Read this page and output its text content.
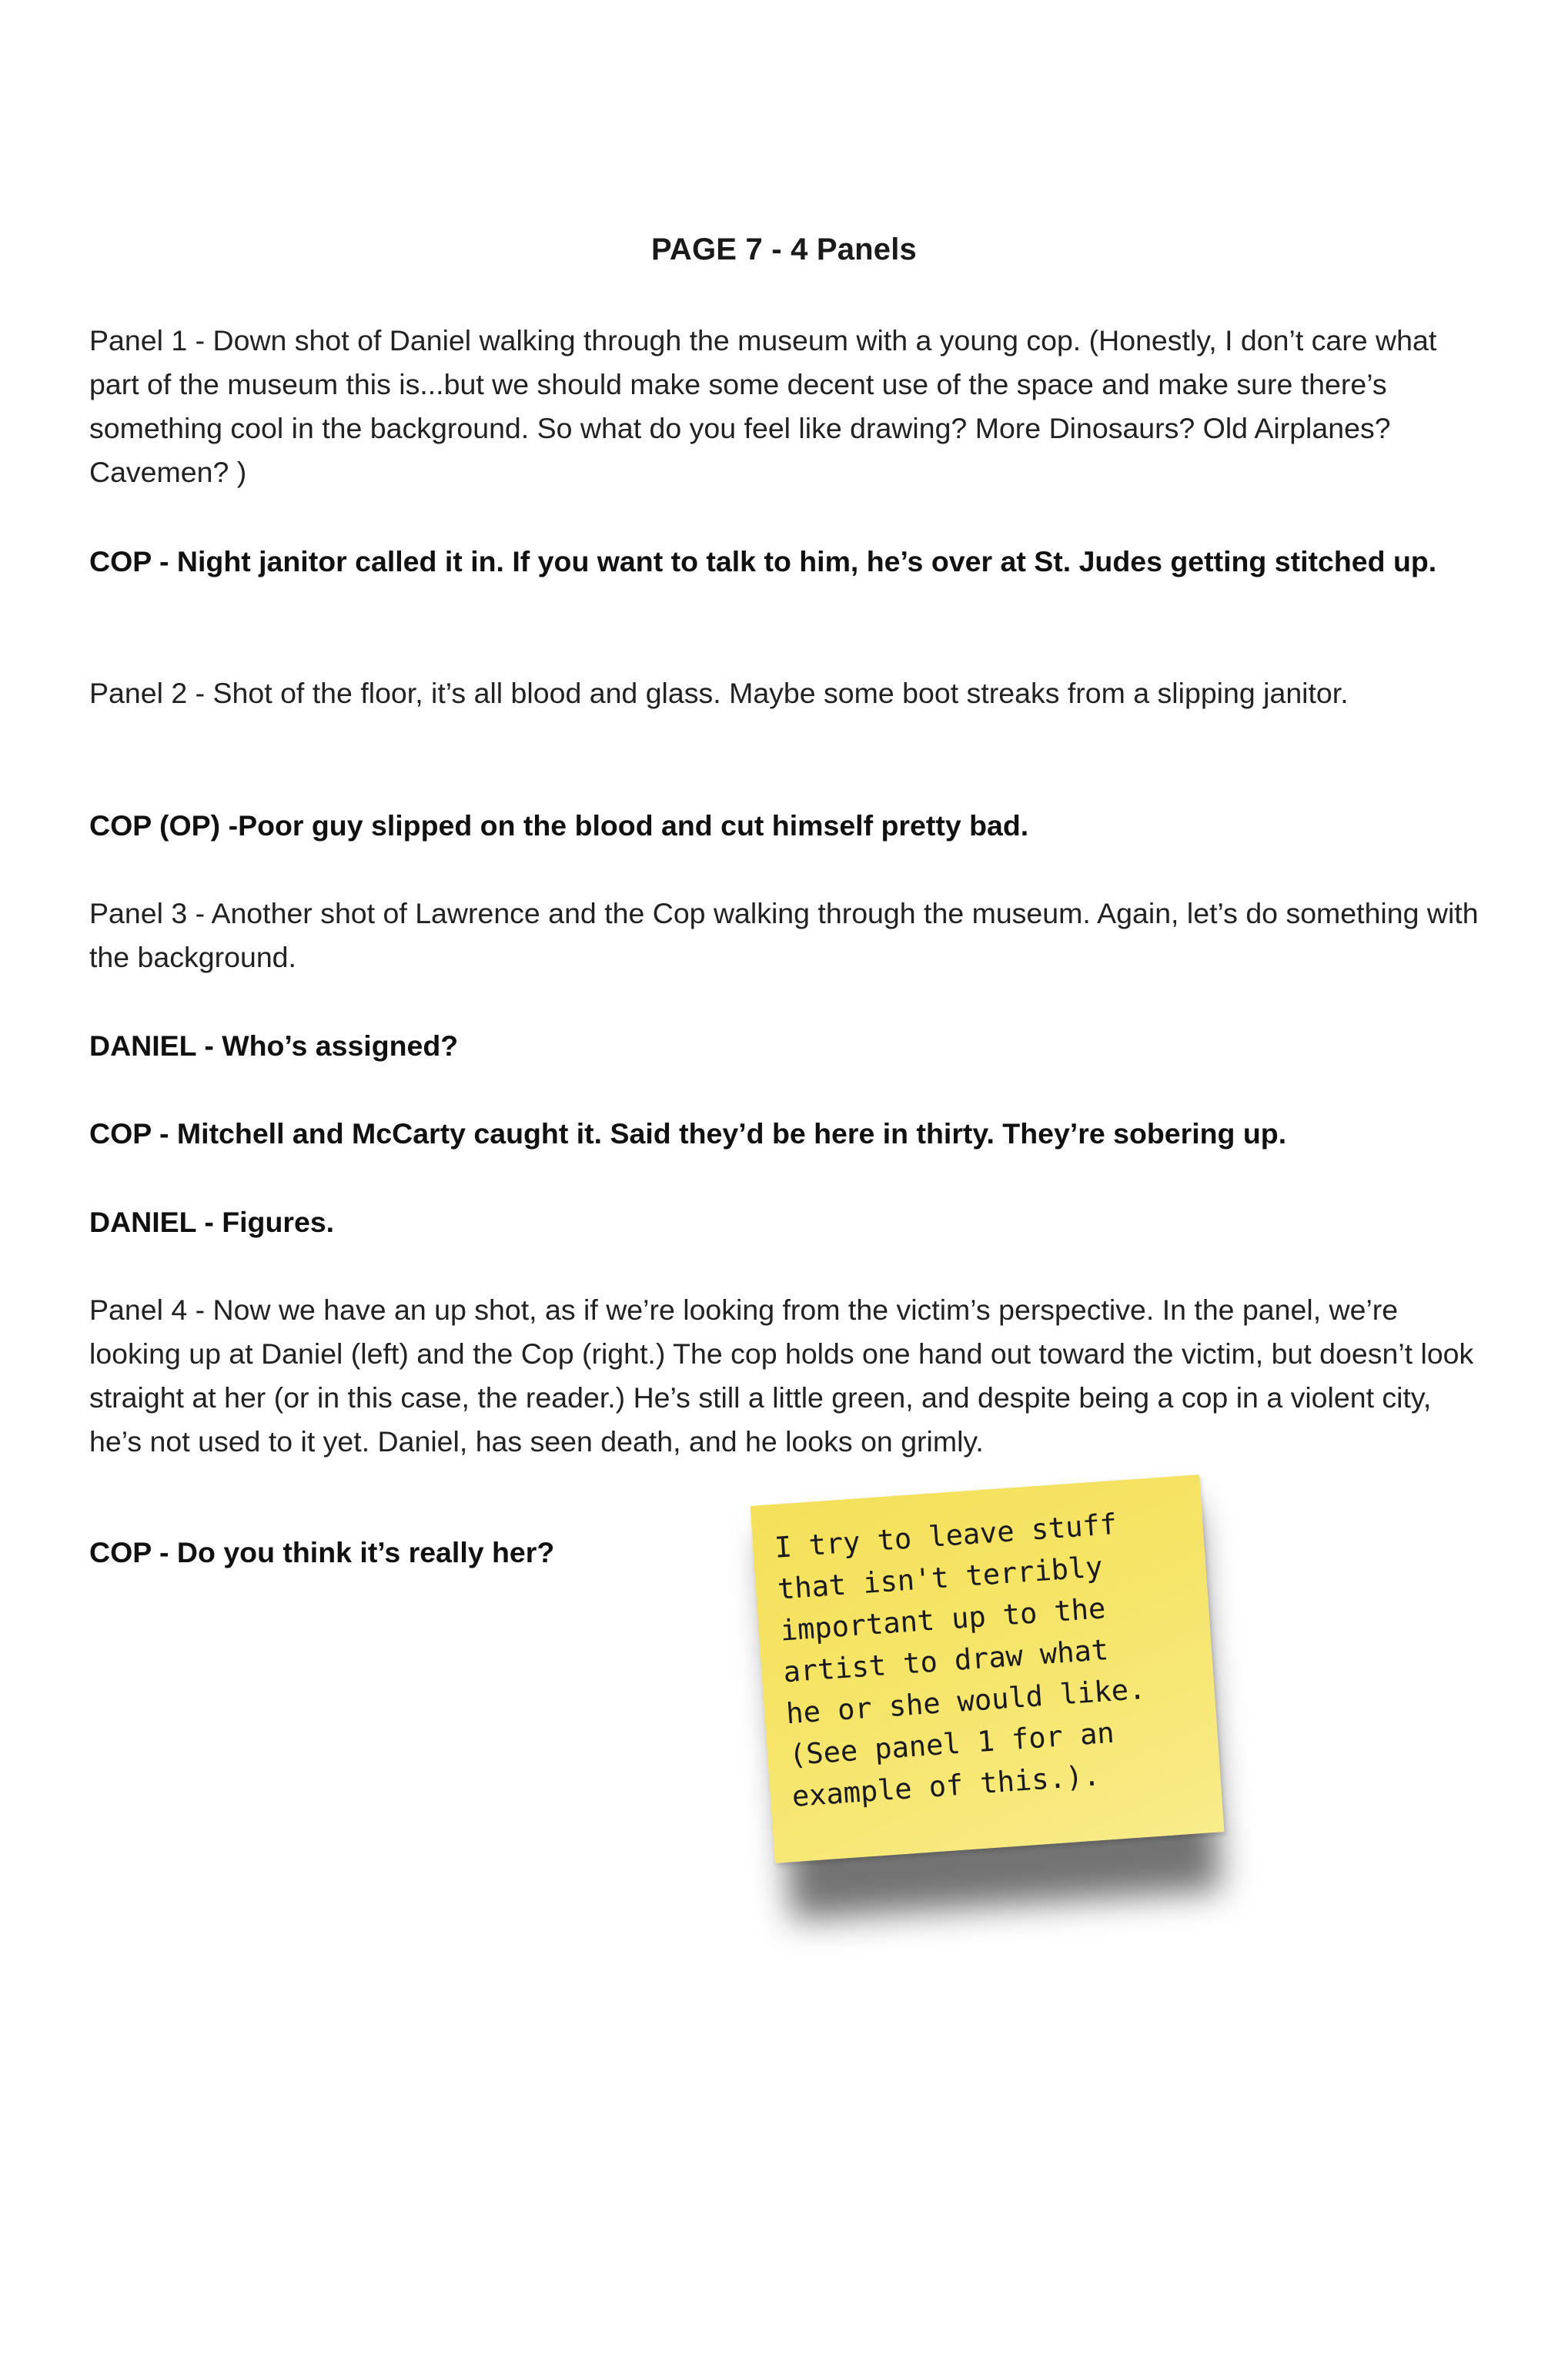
PAGE 7 - 4 Panels

Panel 1 - Down shot of Daniel walking through the museum with a young cop. (Honestly, I don’t care what part of the museum this is...but we should make some decent use of the space and make sure there’s something cool in the background. So what do you feel like drawing? More Dinosaurs? Old Airplanes? Cavemen? )

COP - Night janitor called it in. If you want to talk to him, he’s over at St. Judes getting stitched up.

Panel 2 - Shot of the floor, it’s all blood and glass. Maybe some boot streaks from a slipping janitor.

COP (OP) -Poor guy slipped on the blood and cut himself pretty bad.

Panel 3 - Another shot of Lawrence and the Cop walking through the museum. Again, let’s do something with the background.

DANIEL - Who’s assigned?

COP - Mitchell and McCarty caught it. Said they’d be here in thirty. They’re sobering up.

DANIEL - Figures.

Panel 4 - Now we have an up shot, as if we’re looking from the victim’s perspective. In the panel, we’re looking up at Daniel (left) and the Cop (right.) The cop holds one hand out toward the victim, but doesn’t look straight at her (or in this case, the reader.) He’s still a little green, and despite being a cop in a violent city, he’s not used to it yet. Daniel, has seen death, and he looks on grimly.

COP - Do you think it’s really her?	I try to leave stuff
that isn't terribly
important up to the
artist to draw what
he or she would like.
(See panel 1 for an
example of this.).
